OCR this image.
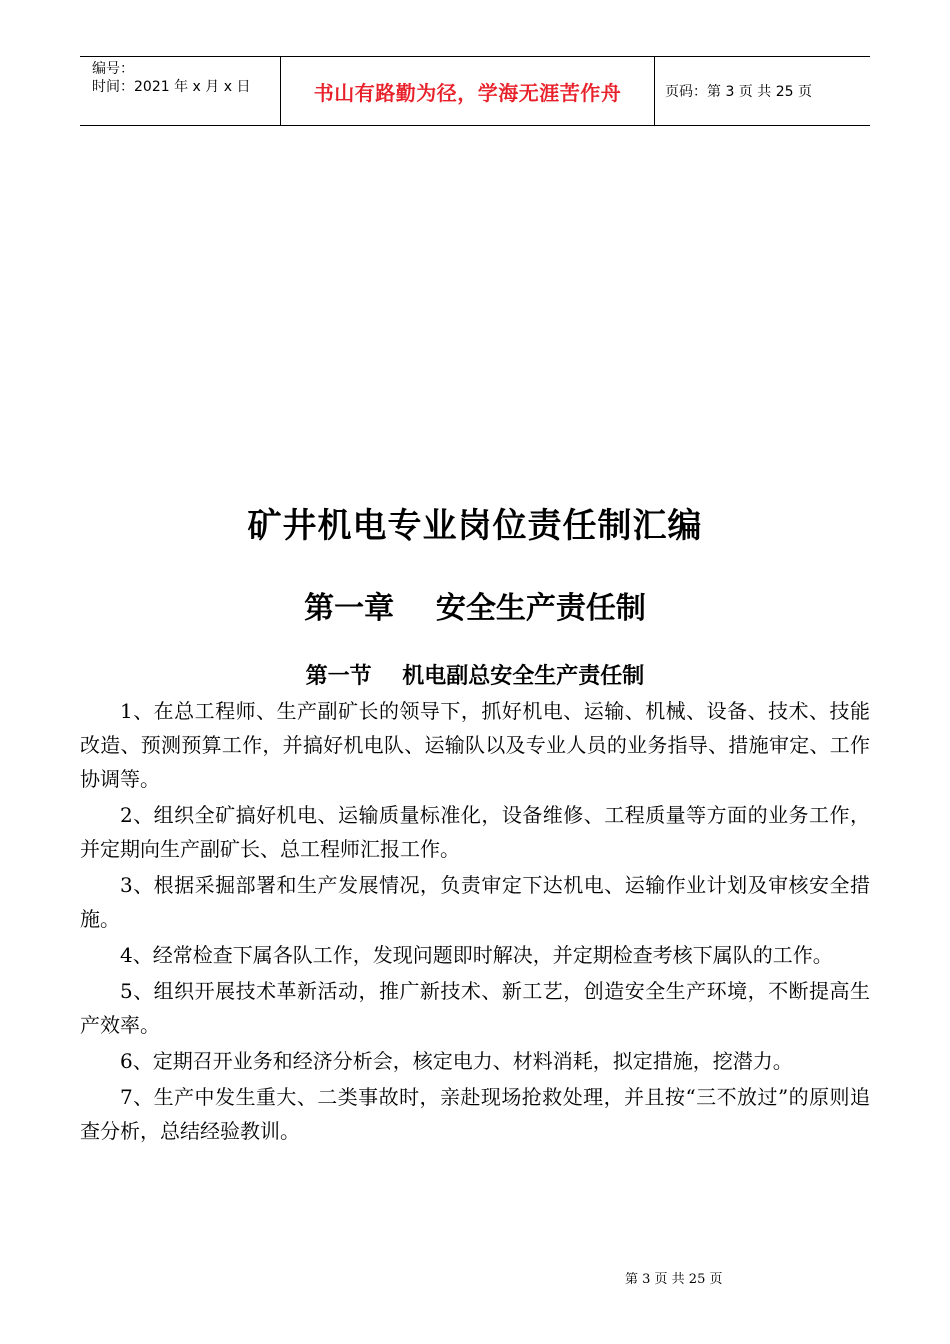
编号：
时间：2021 年 x 月 x 日	书山有路勤为径，学海无涯苦作舟	页码：第 3 页 共 25 页
矿井机电专业岗位责任制汇编
第一章    安全生产责任制
第一节    机电副总安全生产责任制

1、在总工程师、生产副矿长的领导下，抓好机电、运输、机械、设备、技术、技能改造、预测预算工作，并搞好机电队、运输队以及专业人员的业务指导、措施审定、工作协调等。

2、组织全矿搞好机电、运输质量标准化，设备维修、工程质量等方面的业务工作，并定期向生产副矿长、总工程师汇报工作。

3、根据采掘部署和生产发展情况，负责审定下达机电、运输作业计划及审核安全措施。

4、经常检查下属各队工作，发现问题即时解决，并定期检查考核下属队的工作。

5、组织开展技术革新活动，推广新技术、新工艺，创造安全生产环境，不断提高生产效率。

6、定期召开业务和经济分析会，核定电力、材料消耗，拟定措施，挖潜力。

7、生产中发生重大、二类事故时，亲赴现场抢救处理，并且按“三不放过”的原则追查分析，总结经验教训。

第 3 页 共 25 页
